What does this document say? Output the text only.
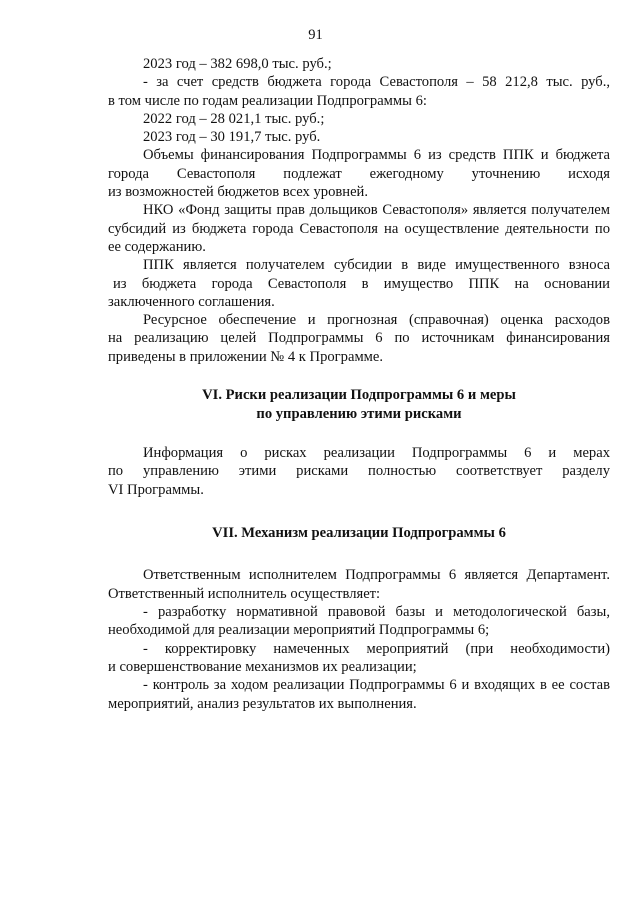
91
2023 год – 382 698,0 тыс. руб.;
- за счет средств бюджета города Севастополя – 58 212,8 тыс. руб.,
в том числе по годам реализации Подпрограммы 6:
2022 год – 28 021,1 тыс. руб.;
2023 год – 30 191,7 тыс. руб.
Объемы финансирования Подпрограммы 6 из средств ППК и бюджета
города Севастополя подлежат ежегодному уточнению исходя
из возможностей бюджетов всех уровней.
НКО «Фонд защиты прав дольщиков Севастополя» является получателем
субсидий из бюджета города Севастополя на осуществление деятельности по
ее содержанию.
ППК является получателем субсидии в виде имущественного взноса
из бюджета города Севастополя в имущество ППК на основании
заключенного соглашения.
Ресурсное обеспечение и прогнозная (справочная) оценка расходов
на реализацию целей Подпрограммы 6 по источникам финансирования
приведены в приложении № 4 к Программе.
VI. Риски реализации Подпрограммы 6 и меры
по управлению этими рисками
Информация о рисках реализации Подпрограммы 6 и мерах
по управлению этими рисками полностью соответствует разделу
VI Программы.
VII. Механизм реализации Подпрограммы 6
Ответственным исполнителем Подпрограммы 6 является Департамент.
Ответственный исполнитель осуществляет:
- разработку нормативной правовой базы и методологической базы,
необходимой для реализации мероприятий Подпрограммы 6;
- корректировку намеченных мероприятий (при необходимости)
и совершенствование механизмов их реализации;
- контроль за ходом реализации Подпрограммы 6 и входящих в ее состав
мероприятий, анализ результатов их выполнения.
